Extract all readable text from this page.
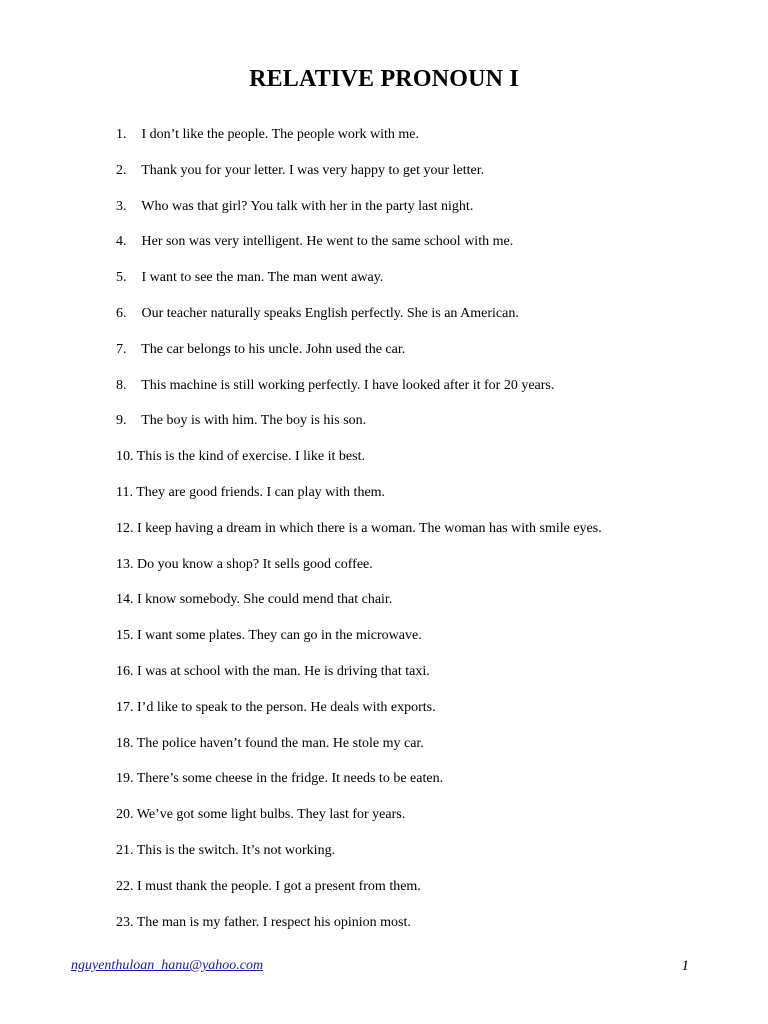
RELATIVE PRONOUN I
1. I don’t like the people. The people work with me.
2. Thank you for your letter. I was very happy to get your letter.
3. Who was that girl? You talk with her in the party last night.
4. Her son was very intelligent. He went to the same school with me.
5. I want to see the man. The man went away.
6. Our teacher naturally speaks English perfectly. She is an American.
7. The car belongs to his uncle. John used the car.
8. This machine is still working perfectly. I have looked after it for 20 years.
9. The boy is with him. The boy is his son.
10. This is the kind of exercise. I like it best.
11. They are good friends. I can play with them.
12. I keep having a dream in which there is a woman. The woman has with smile eyes.
13. Do you know a shop? It sells good coffee.
14. I know somebody. She could mend that chair.
15. I want some plates. They can go in the microwave.
16. I was at school with the man. He is driving that taxi.
17. I’d like to speak to the person. He deals with exports.
18. The police haven’t found the man. He stole my car.
19. There’s some cheese in the fridge. It needs to be eaten.
20. We’ve got some light bulbs. They last for years.
21. This is the switch. It’s not working.
22. I must thank the people. I got a present from them.
23. The man is my father. I respect his opinion most.
nguyenthuloan_hanu@yahoo.com	1
